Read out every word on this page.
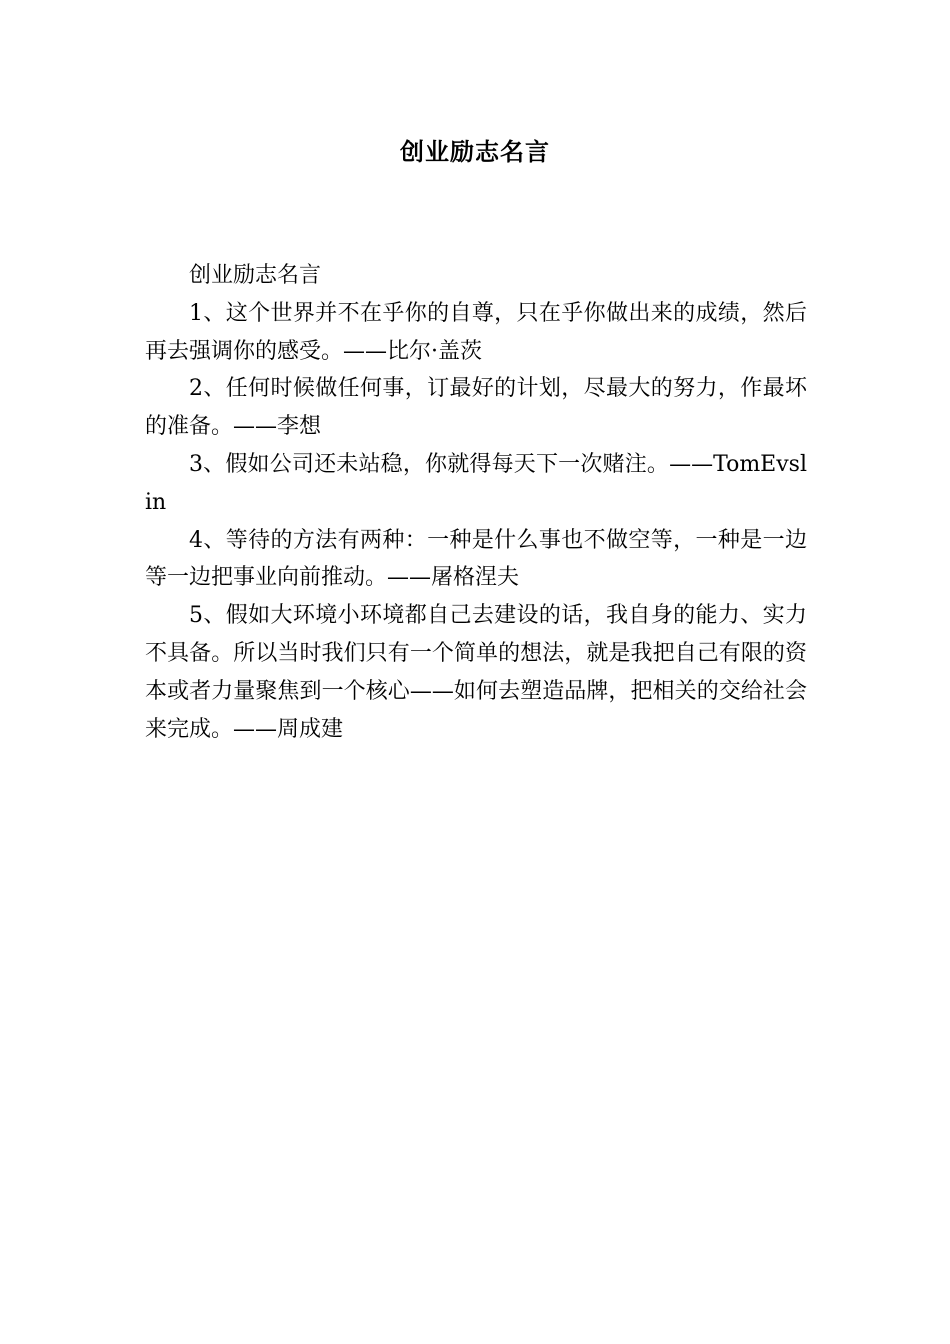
创业励志名言

创业励志名言

1、这个世界并不在乎你的自尊，只在乎你做出来的成绩，然后再去强调你的感受。——比尔·盖茨

2、任何时候做任何事，订最好的计划，尽最大的努力，作最坏的准备。——李想

3、假如公司还未站稳，你就得每天下一次赌注。——TomEvslin

4、等待的方法有两种：一种是什么事也不做空等，一种是一边等一边把事业向前推动。——屠格涅夫

5、假如大环境小环境都自己去建设的话，我自身的能力、实力不具备。所以当时我们只有一个简单的想法，就是我把自己有限的资本或者力量聚焦到一个核心——如何去塑造品牌，把相关的交给社会来完成。——周成建
